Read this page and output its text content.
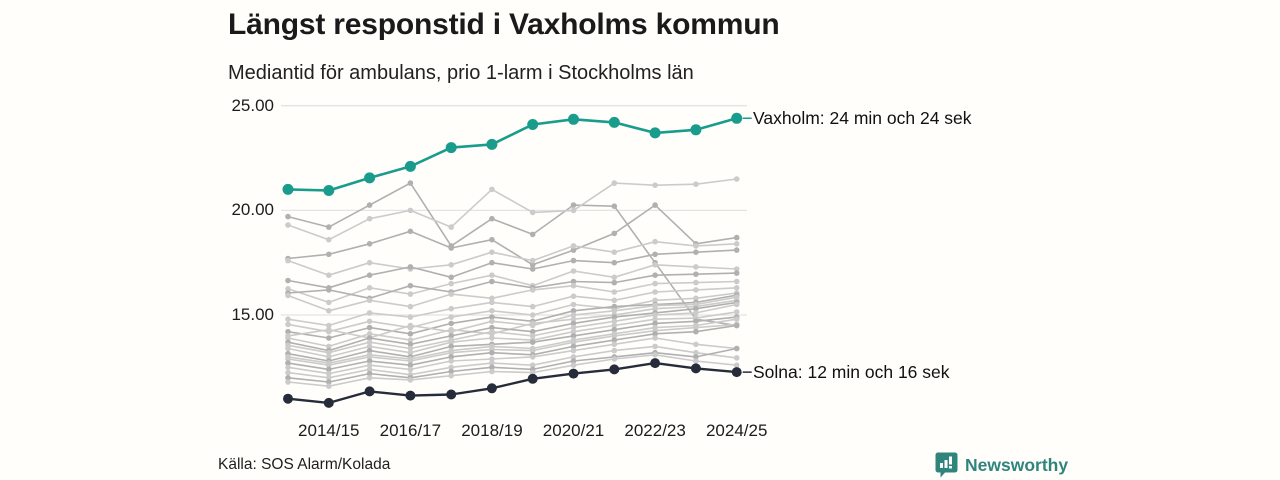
Längst responstid i Vaxholms kommun
Mediantid för ambulans, prio 1-larm i Stockholms län
25.00
20.00
15.00
2014/15	2016/17	2018/19	2020/21	2022/23	2024/25
Vaxholm: 24 min och 24 sek
Solna: 12 min och 16 sek
Källa: SOS Alarm/Kolada	Newsworthy
